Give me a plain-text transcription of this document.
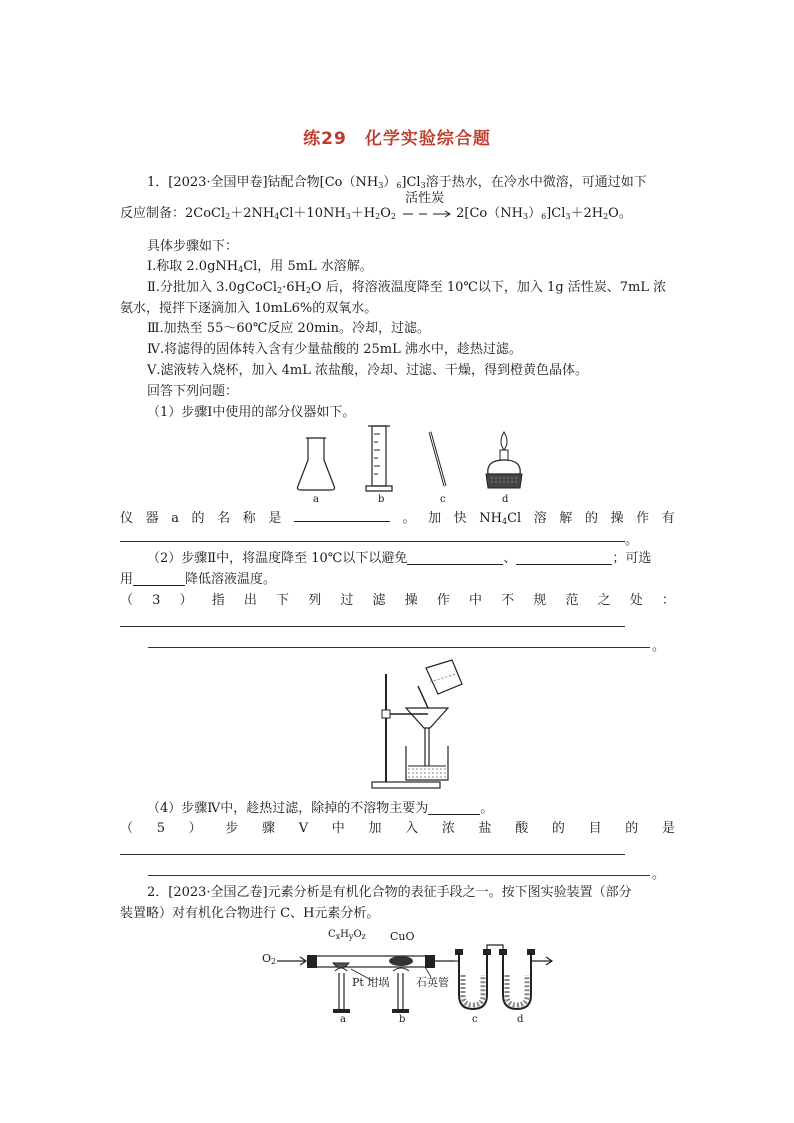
练29　化学实验综合题
1．[2023·全国甲卷]钴配合物$[Co(NH_3)_6]Cl_3$溶于热水，在冷水中微溶，可通过如下
反应制备：$2CoCl_2+2NH_4Cl+10NH_3+H_2O_2$
活性炭
$2[Co(NH_3)_6]Cl_3+2H_2O$。
具体步骤如下：
Ⅰ.称取 2.0gNH$_4$Cl，用 5mL 水溶解。
Ⅱ.分批加入 $3.0gCoCl_2\cdot 6H_2O$ 后，将溶液温度降至 10℃以下，加入 1g 活性炭、7mL 浓
氨水，搅拌下逐滴加入 10mL6%的双氧水。
Ⅲ.加热至 55～60℃反应 20min。冷却，过滤。
Ⅳ.将滤得的固体转入含有少量盐酸的 25mL 沸水中，趁热过滤。
Ⅴ.滤液转入烧杯，加入 4mL 浓盐酸，冷却、过滤、干燥，得到橙黄色晶体。
回答下列问题：
（1）步骤Ⅰ中使用的部分仪器如下。
a	b	c	d
仪 器 a 的 名 称 是	。 加 快 $NH_4Cl$ 溶 解 的 操 作 有
。
（2）步骤Ⅱ中，将温度降至 10℃以下以避免	、	；可选
用	降低溶液温度。
（ 3 ） 指 出 下 列 过 滤 操 作 中 不 规 范 之 处 ：
。
（4）步骤Ⅳ中，趁热过滤，除掉的不溶物主要为	。
（ 5 ） 步 骤 Ⅴ 中 加 入 浓 盐 酸 的 目 的 是
。
2．[2023·全国乙卷]元素分析是有机化合物的表征手段之一。按下图实验装置（部分
装置略）对有机化合物进行 C、H元素分析。
$O_2$
$C_xH_yO_z$ CuO
Pt 坩埚 石英管
a	b	c	d
